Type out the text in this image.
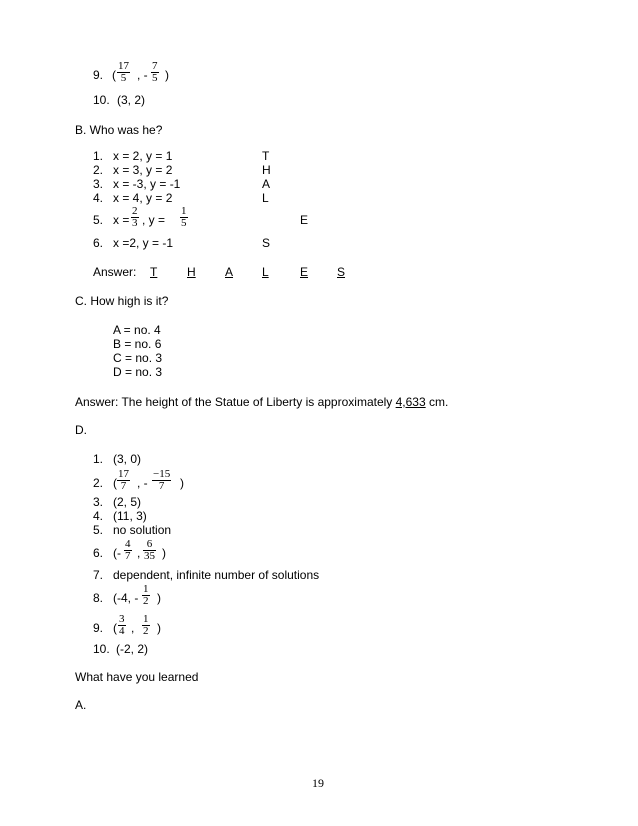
9. ( $\frac{17}{5}$ , - $\frac{7}{5}$ )
10. (3, 2)
B. Who was he?
1. x = 2, y = 1	T
2. x = 3, y = 2	H
3. x = -3, y = -1	A
4. x = 4, y = 2	L
5. $x = \frac{2}{3}$ , $y = \frac{1}{5}$	E
6. x =2, y = -1	S
Answer: T H A L	E S
C. How high is it?
A = no. 4
B = no. 6
C = no. 3
D = no. 3
Answer: The height of the Statue of Liberty is approximately 4,633 cm.
D.
1. (3, 0)
2. ( $\frac{17}{7}$ , - $\frac{-15}{7}$ )
3. (2, 5)
4. (11, 3)
5. no solution
6. (- $\frac{4}{7}$ , $\frac{6}{35}$ )
7. dependent, infinite number of solutions
8. (-4, - $\frac{1}{2}$ )
9. ( $\frac{3}{4}$ , $\frac{1}{2}$ )
10. (-2, 2)
What have you learned
A.
19
